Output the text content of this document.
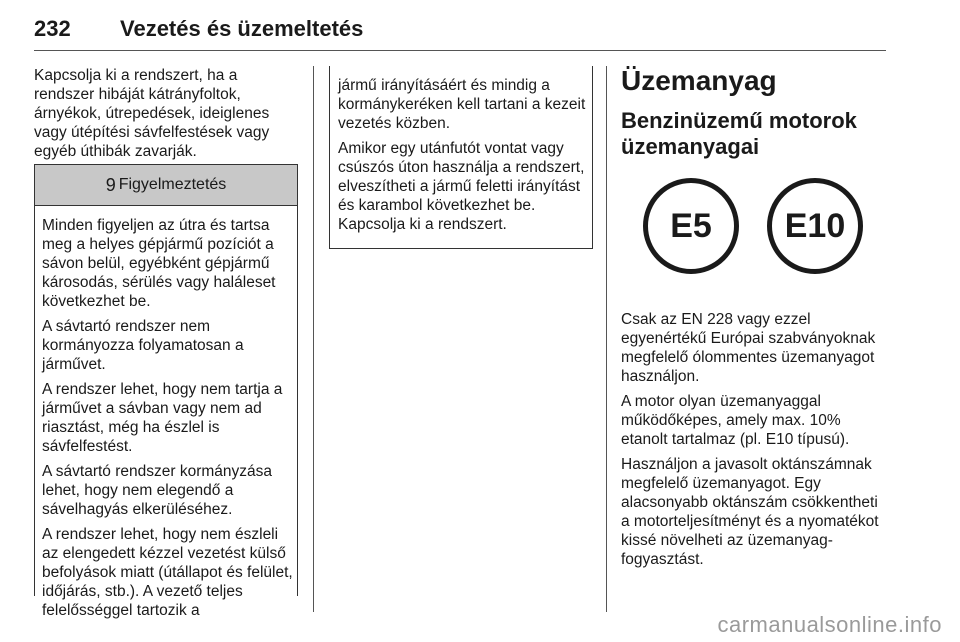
232 Vezetés és üzemeltetés

Kapcsolja ki a rendszert, ha a rendszer hibáját kátrányfoltok, árnyékok, útrepedések, ideiglenes vagy útépítési sávfelfestések vagy egyéb úthibák zavarják.

9 Figyelmeztetés

Minden figyeljen az útra és tartsa meg a helyes gépjármű pozíciót a sávon belül, egyébként gépjármű károsodás, sérülés vagy haláleset következhet be.

A sávtartó rendszer nem kormányozza folyamatosan a járművet.

A rendszer lehet, hogy nem tartja a járművet a sávban vagy nem ad riasztást, még ha észlel is sávfelfestést.

A sávtartó rendszer kormányzása lehet, hogy nem elegendő a sávelhagyás elkerüléséhez.

A rendszer lehet, hogy nem észleli az elengedett kézzel vezetést külső befolyások miatt (útállapot és felület, időjárás, stb.). A vezető teljes felelősséggel tartozik a

jármű irányításáért és mindig a kormánykeréken kell tartani a kezeit vezetés közben.

Amikor egy utánfutót vontat vagy csúszós úton használja a rendszert, elveszítheti a jármű feletti irányítást és karambol következhet be. Kapcsolja ki a rendszert.

Üzemanyag
Benzinüzemű motorok üzemanyagai
E5	E10

Csak az EN 228 vagy ezzel egyenértékű Európai szabványoknak megfelelő ólommentes üzemanyagot használjon.

A motor olyan üzemanyaggal működőképes, amely max. 10% etanolt tartalmaz (pl. E10 típusú).

Használjon a javasolt oktánszámnak megfelelő üzemanyagot. Egy alacsonyabb oktánszám csökkentheti a motorteljesítményt és a nyomatékot kissé növelheti az üzemanyag-fogyasztást.

carmanualsonline.info
